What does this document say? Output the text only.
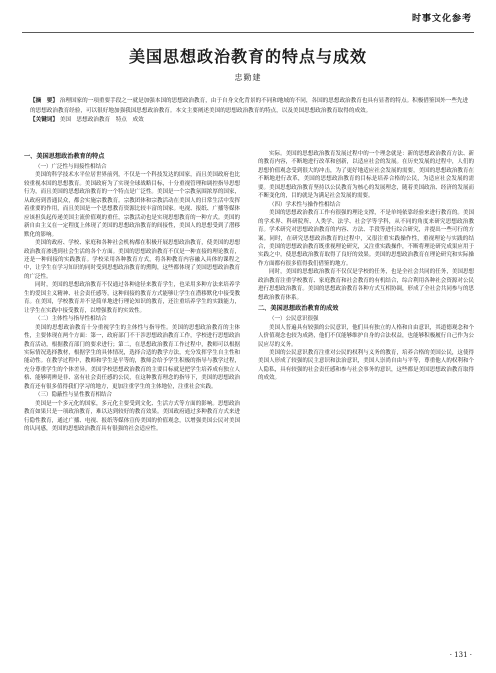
时事文化参考
美国思想政治教育的特点与成效
忠勤建
【摘　要】 治理国家的一项重要手段之一就是加强本国的思想政治教育，由于自身文化背景的不同和地域的不同，各国的思想政治教育也具有显著的特点。积极借鉴国外一些先进的思想政治教育经验，可以很好地加强我国思想政治教育。本文主要阐述美国的思想政治教育的特点，以及美国思想政治教育取得的成效。
【关键词】 美国　思想政治教育　特点　成效
一、美国思想政治教育的特点
（一）广泛性与间接性相结合

美国的科学技术水平位居世界前列，不仅是一个科技发达的国家，而且美国政府也比较重视本国的思想教育。美国政府为了实现全球战略目标，十分重视管理和调控指导思想行为，而且美国的思想政治教育的一个特点是广泛性。美国是一个宗教氛围浓厚的国家，从政府到普通民众，都会实施宗教教育。宗教团体和宗教活动在美国人的日常生活中发挥着重要的作用，而且美国是一个思想教育资源比较丰富的国家。电视、报纸、广播等媒体应该担负起传递美国主流价值观的重任，宗教活动也是实现思想教育的一种方式。美国的新自由主义在一定程度上体现了美国的思想政治教育的间接性，美国人的思想受到了潜移默化的影响。

美国的政府、学校、家庭和各种社会机构都在积极开展思想政治教育，使美国的思想政治教育渗透到社会生活的各个方面。美国的思想政治教育不仅是一种直接的理论教育，还是一种间接的实践教育。学校采用各种教育方式，将各种教育内容融入具体的课程之中，让学生在学习知识的同时受到思想政治教育的熏陶，这些都体现了美国思想政治教育的广泛性。

同时，美国的思想政治教育不仅通过各种途径来教育学生，也采用多种方法来培养学生的爱国主义精神、社会责任感等，这种间接的教育方式能够让学生在潜移默化中接受教育。在美国，学校教育并不是简单地进行理论知识的教育，还注重培养学生的实践能力，让学生在实践中接受教育，以增强教育的实效性。

（二）主体性与指导性相结合

美国的思想政治教育十分重视学生的主体性与指导性。美国的思想政治教育的主体性，主要体现在两个方面：第一，政府部门不干涉思想政治教育工作，学校进行思想政治教育活动，根据教育部门的要求进行；第二，在思想政治教育工作过程中，教师可以根据实际情况选择教材，根据学生的具体情况，选择合适的教学方法，充分发挥学生自主性和能动性。在教学过程中，教师和学生是平等的，教师会给予学生积极的指导与教学过程，充分尊重学生的个体差异。美国学校思想政治教育的主要目标就是把学生培养成有独立人格、能够明辨是非、富有社会责任感的公民，在这种教育理念的指导下，美国的思想政治教育还有很多值得我们学习的地方，更加注重学生的主体地位，注重社会实践。

（三）隐蔽性与显性教育相结合

美国是一个多元化的国家，多元化主要受到文化、生活方式等方面的影响。思想政治教育如果只是一项政治教育，难以达到较好的教育效果。美国政府通过多种教育方式来进行隐性教育，通过广播、电视、报纸等媒体宣传美国的价值观念，以增强美国公民对美国的认同感，美国的思想政治教育具有很强的社会适应性。

实际。美国的思想政治教育发展过程中的一个理念就是：新的思想政治教育方法、新的教育内容，不断地进行改革和创新，以适应社会的发展。在历史发展的过程中，人们的思想价值观念受到很大的冲击，为了更好地适应社会发展的需要，美国的思想政治教育在不断地进行改革，美国的思想政治教育的目标是培养合格的公民，为适应社会发展的需要。美国思想政治教育坚持以公民教育为核心的发展理念，随着美国政治、经济的发展而不断变化的，目的就是为满足社会发展的需要。

（四）学术性与操作性相结合

美国的思想政治教育工作有很强的理论支撑，不是单纯依靠经验来进行教育的。美国的学术界、科研院所、人类学、法学、社会学等学科，从不同的角度来研究思想政治教育。学术研究对思想政治教育的内容、方法、手段等进行综合研究，并提出一些可行的方案。同时，在研究思想政治教育的过程中，又很注重实践操作性，重视理论与实践的结合，美国的思想政治教育既重视理论研究，又注重实践操作，不断将理论研究成果应用于实践之中，使思想政治教育取得了良好的效果。美国的思想政治教育在理论研究和实际操作方面都有很多值得我们借鉴的地方。

同时，美国的思想政治教育不仅仅是学校的任务，也是全社会共同的任务，美国思想政治教育注重学校教育、家庭教育和社会教育的有机结合，综合利用各种社会资源对公民进行思想政治教育。美国的思想政治教育各种方式互相协调，形成了全社会共同参与的思想政治教育体系。

二、美国思想政治教育的成效
（一）公民意识很强

美国人普遍具有较强的公民意识，他们具有独立的人格和自由意识，其道德观念和个人价值观念也较为成熟，他们不仅能够维护自身的合法权益，也能够积极履行自己作为公民应尽的义务。

美国的公民意识教育注重对公民的权利与义务的教育，培养合格的美国公民，这使得美国人形成了较强的民主意识和法治意识，美国人崇尚自由与平等，尊重他人的权利和个人隐私，具有较强的社会责任感和参与社会事务的意识，这些都是美国思想政治教育取得的成效。

· 131 ·
